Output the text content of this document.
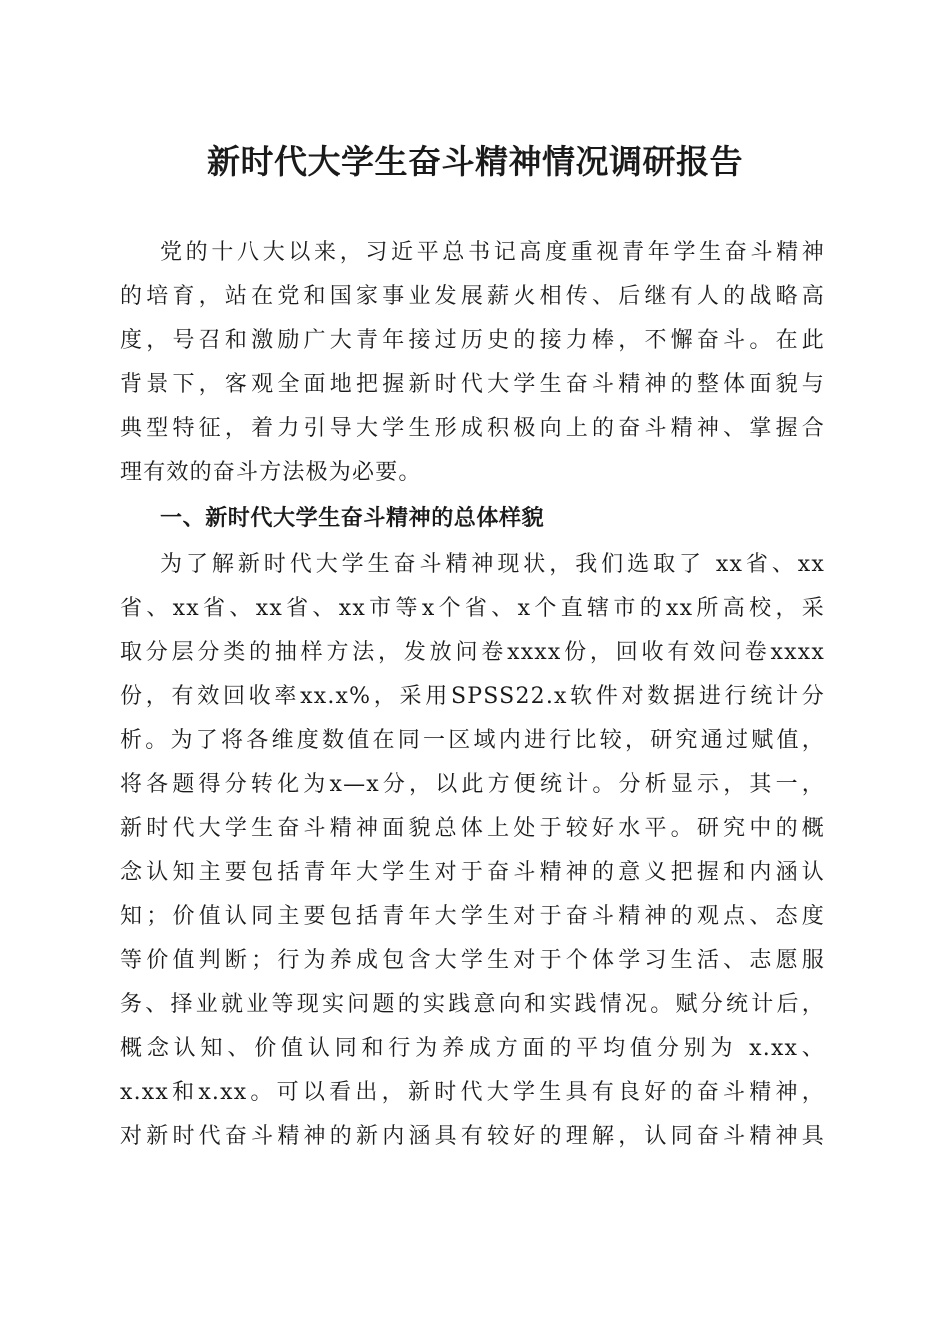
新时代大学生奋斗精神情况调研报告

党的十八大以来，习近平总书记高度重视青年学生奋斗精神

的培育，站在党和国家事业发展薪火相传、后继有人的战略高

度，号召和激励广大青年接过历史的接力棒，不懈奋斗。在此

背景下，客观全面地把握新时代大学生奋斗精神的整体面貌与

典型特征，着力引导大学生形成积极向上的奋斗精神、掌握合

理有效的奋斗方法极为必要。

一、新时代大学生奋斗精神的总体样貌

为了解新时代大学生奋斗精神现状，我们选取了 xx省、xx

省、xx省、xx省、xx市等x个省、x个直辖市的xx所高校，采

取分层分类的抽样方法，发放问卷xxxx份，回收有效问卷xxxx

份，有效回收率xx.x%，采用SPSS22.x软件对数据进行统计分

析。为了将各维度数值在同一区域内进行比较，研究通过赋值，

将各题得分转化为x—x分，以此方便统计。分析显示，其一，

新时代大学生奋斗精神面貌总体上处于较好水平。研究中的概

念认知主要包括青年大学生对于奋斗精神的意义把握和内涵认

知；价值认同主要包括青年大学生对于奋斗精神的观点、态度

等价值判断；行为养成包含大学生对于个体学习生活、志愿服

务、择业就业等现实问题的实践意向和实践情况。赋分统计后，

概念认知、价值认同和行为养成方面的平均值分别为 x.xx、

x.xx和x.xx。可以看出，新时代大学生具有良好的奋斗精神，

对新时代奋斗精神的新内涵具有较好的理解，认同奋斗精神具
